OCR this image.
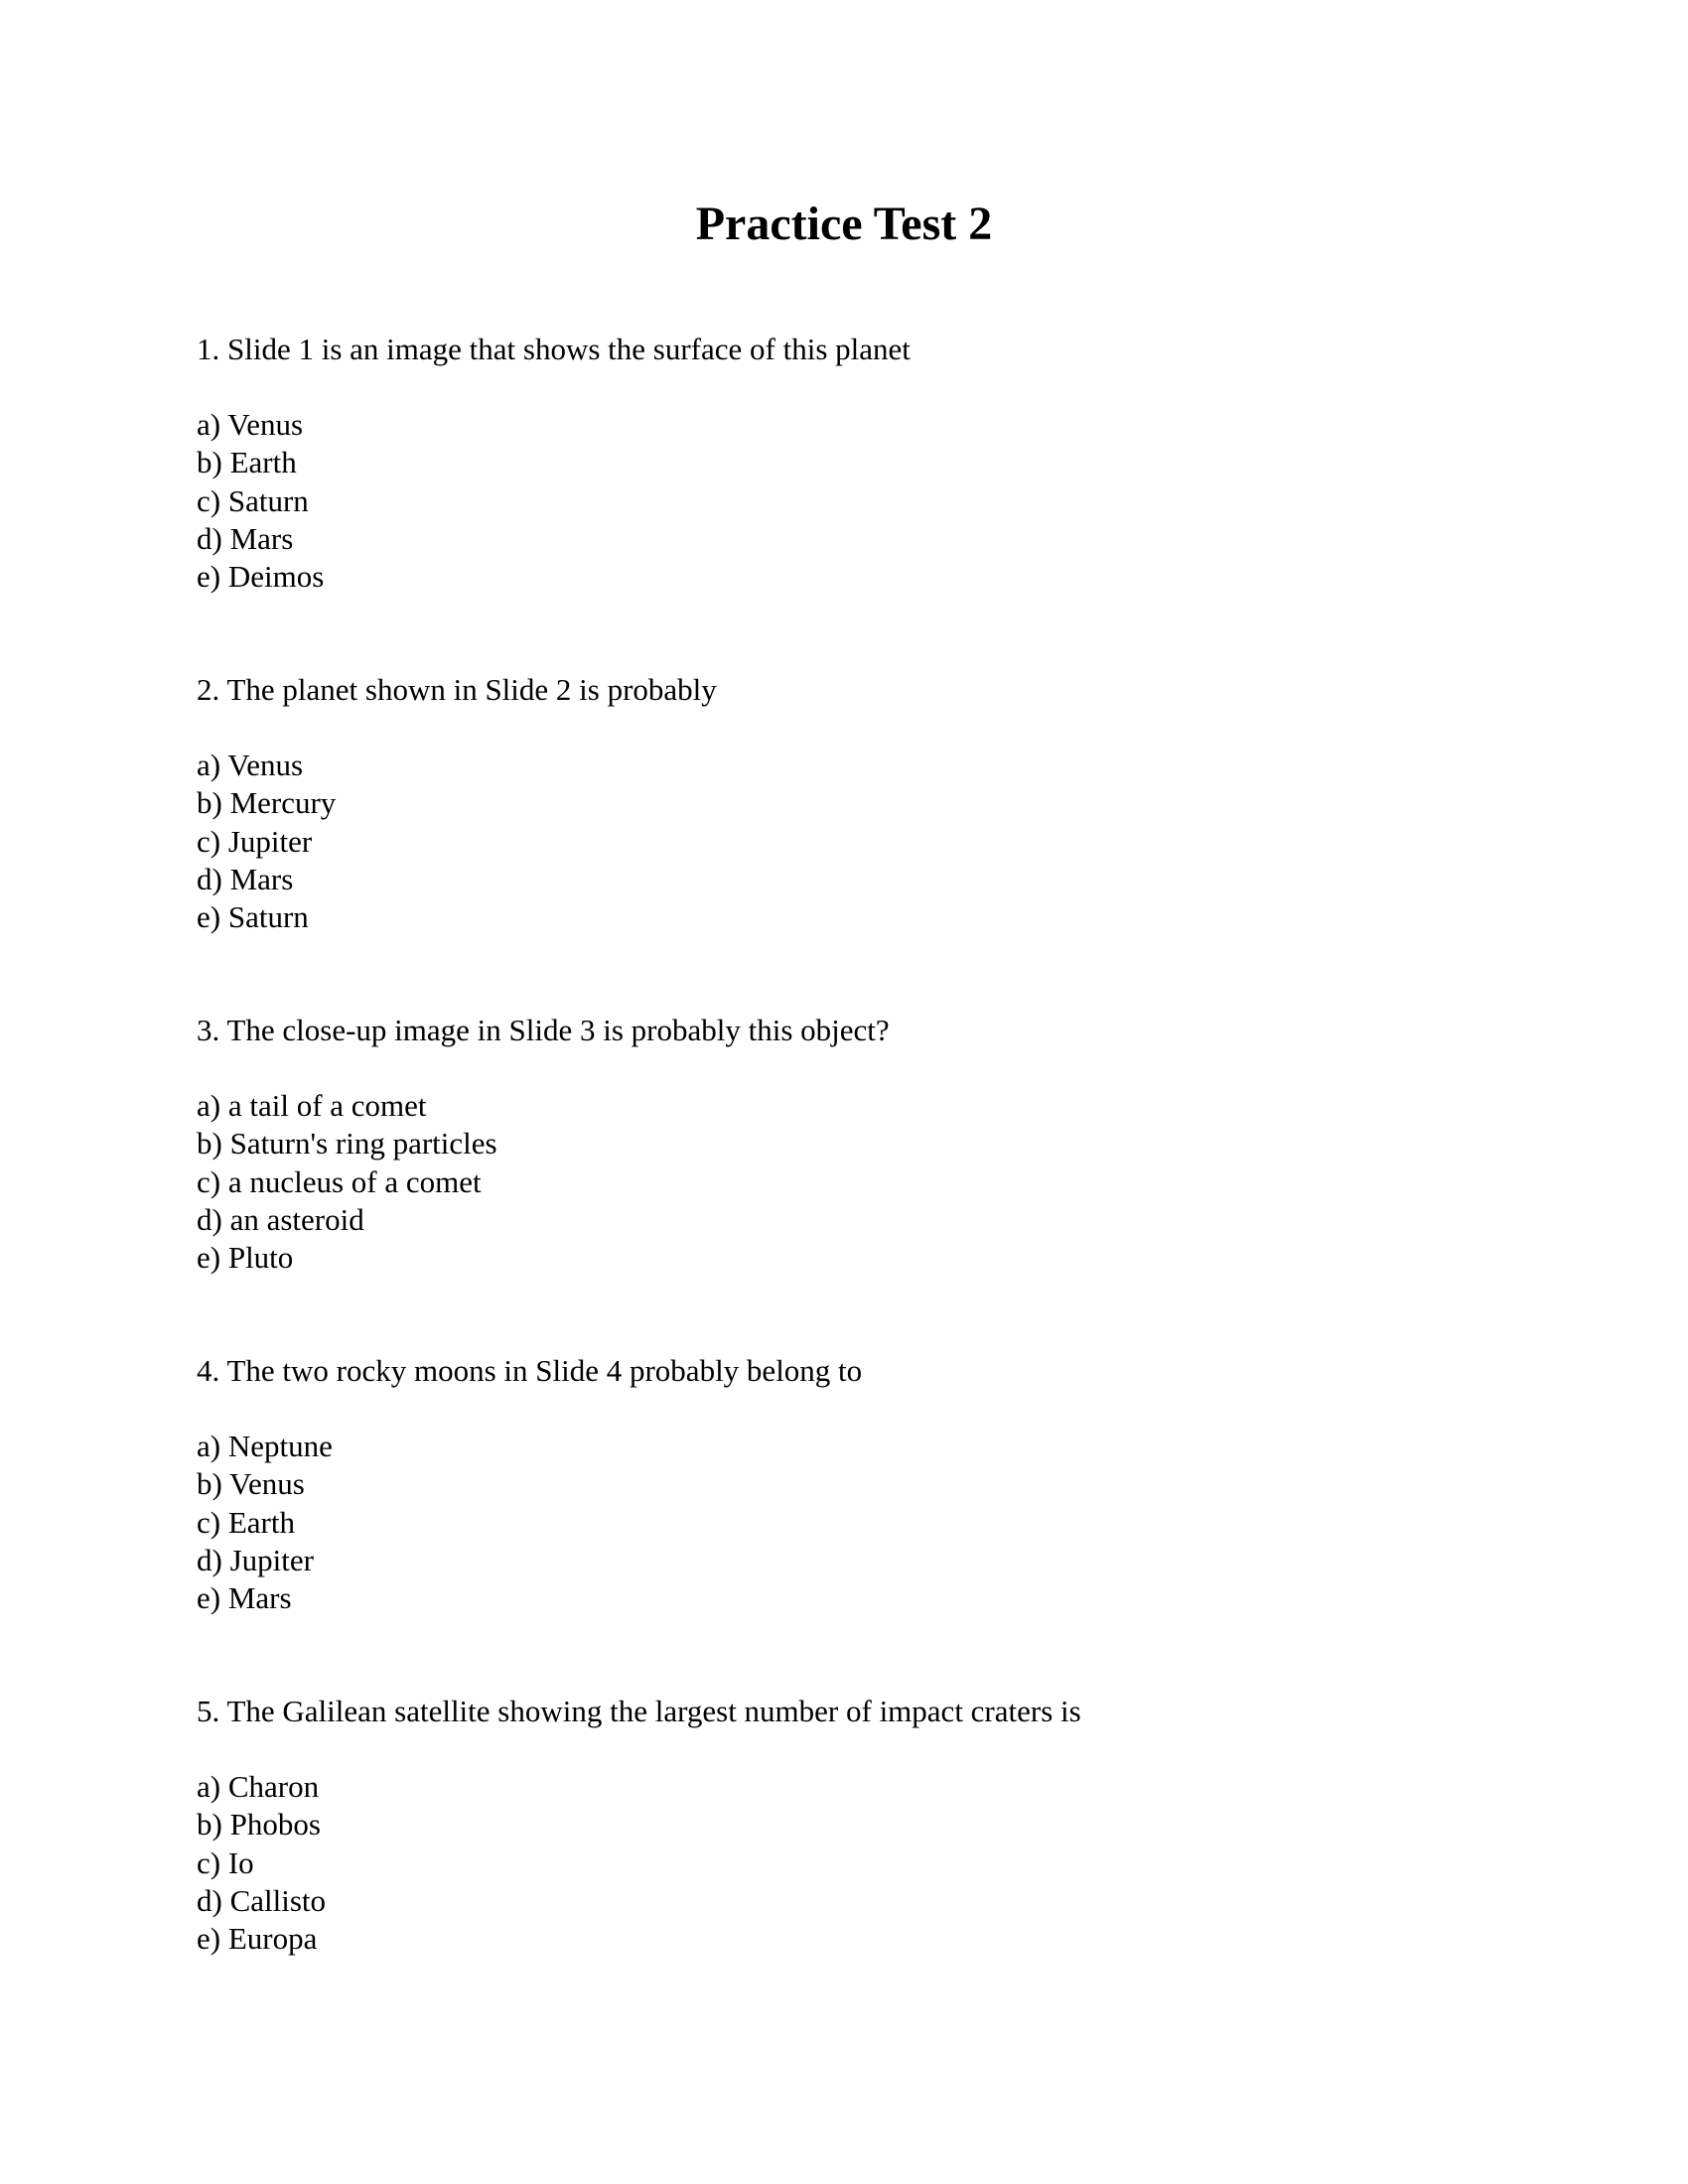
Practice Test 2

1. Slide 1 is an image that shows the surface of this planet

a) Venus
b) Earth
c) Saturn
d) Mars
e) Deimos

2. The planet shown in Slide 2 is probably

a) Venus
b) Mercury
c) Jupiter
d) Mars
e) Saturn

3. The close-up image in Slide 3 is probably this object?

a) a tail of a comet
b) Saturn's ring particles
c) a nucleus of a comet
d) an asteroid
e) Pluto

4. The two rocky moons in Slide 4 probably belong to

a) Neptune
b) Venus
c) Earth
d) Jupiter
e) Mars

5. The Galilean satellite showing the largest number of impact craters is

a) Charon
b) Phobos
c) Io
d) Callisto
e) Europa
